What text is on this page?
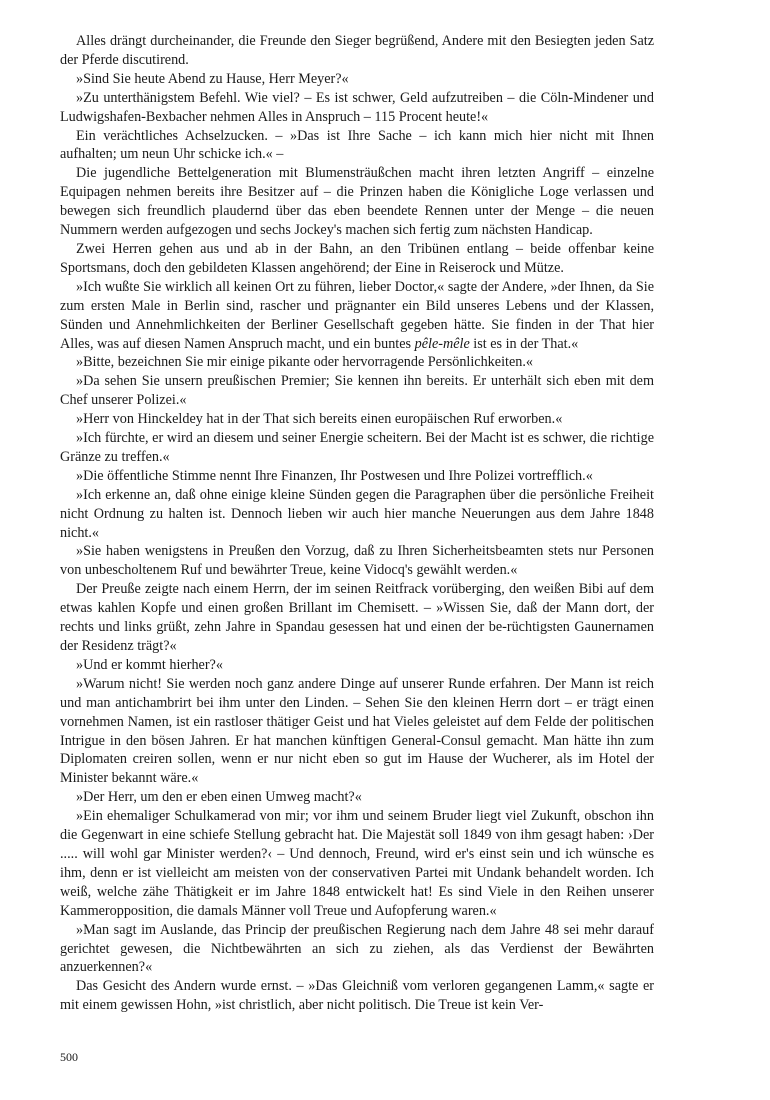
Alles drängt durcheinander, die Freunde den Sieger begrüßend, Andere mit den Besiegten jeden Satz der Pferde discutirend.

»Sind Sie heute Abend zu Hause, Herr Meyer?«

»Zu unterthänigstem Befehl. Wie viel? – Es ist schwer, Geld aufzutreiben – die Cöln-Mindener und Ludwigshafen-Bexbacher nehmen Alles in Anspruch – 115 Procent heute!«

Ein verächtliches Achselzucken. – »Das ist Ihre Sache – ich kann mich hier nicht mit Ihnen aufhalten; um neun Uhr schicke ich.« –

Die jugendliche Bettelgeneration mit Blumensträußchen macht ihren letzten Angriff – einzelne Equipagen nehmen bereits ihre Besitzer auf – die Prinzen haben die Königliche Loge verlassen und bewegen sich freundlich plaudernd über das eben beendete Rennen unter der Menge – die neuen Nummern werden aufgezogen und sechs Jockey's machen sich fertig zum nächsten Handicap.

Zwei Herren gehen aus und ab in der Bahn, an den Tribünen entlang – beide offenbar keine Sportsmans, doch den gebildeten Klassen angehörend; der Eine in Reiserock und Mütze.

»Ich wußte Sie wirklich all keinen Ort zu führen, lieber Doctor,« sagte der Andere, »der Ihnen, da Sie zum ersten Male in Berlin sind, rascher und prägnanter ein Bild unseres Lebens und der Klassen, Sünden und Annehmlichkeiten der Berliner Gesellschaft gegeben hätte. Sie finden in der That hier Alles, was auf diesen Namen Anspruch macht, und ein buntes pêle-mêle ist es in der That.«

»Bitte, bezeichnen Sie mir einige pikante oder hervorragende Persönlichkeiten.«

»Da sehen Sie unsern preußischen Premier; Sie kennen ihn bereits. Er unterhält sich eben mit dem Chef unserer Polizei.«

»Herr von Hinckeldey hat in der That sich bereits einen europäischen Ruf erworben.«

»Ich fürchte, er wird an diesem und seiner Energie scheitern. Bei der Macht ist es schwer, die richtige Gränze zu treffen.«

»Die öffentliche Stimme nennt Ihre Finanzen, Ihr Postwesen und Ihre Polizei vortrefflich.«

»Ich erkenne an, daß ohne einige kleine Sünden gegen die Paragraphen über die persönliche Freiheit nicht Ordnung zu halten ist. Dennoch lieben wir auch hier manche Neuerungen aus dem Jahre 1848 nicht.«

»Sie haben wenigstens in Preußen den Vorzug, daß zu Ihren Sicherheitsbeamten stets nur Personen von unbescholtenem Ruf und bewährter Treue, keine Vidocq's gewählt werden.«

Der Preuße zeigte nach einem Herrn, der im seinen Reitfrack vorüberging, den weißen Bibi auf dem etwas kahlen Kopfe und einen großen Brillant im Chemisett. – »Wissen Sie, daß der Mann dort, der rechts und links grüßt, zehn Jahre in Spandau gesessen hat und einen der be-rüchtigsten Gaunernamen der Residenz trägt?«

»Und er kommt hierher?«

»Warum nicht! Sie werden noch ganz andere Dinge auf unserer Runde erfahren. Der Mann ist reich und man antichambrirt bei ihm unter den Linden. – Sehen Sie den kleinen Herrn dort – er trägt einen vornehmen Namen, ist ein rastloser thätiger Geist und hat Vieles geleistet auf dem Felde der politischen Intrigue in den bösen Jahren. Er hat manchen künftigen General-Consul gemacht. Man hätte ihn zum Diplomaten creiren sollen, wenn er nur nicht eben so gut im Hause der Wucherer, als im Hotel der Minister bekannt wäre.«

»Der Herr, um den er eben einen Umweg macht?«

»Ein ehemaliger Schulkamerad von mir; vor ihm und seinem Bruder liegt viel Zukunft, obschon ihn die Gegenwart in eine schiefe Stellung gebracht hat. Die Majestät soll 1849 von ihm gesagt haben: ›Der ..... will wohl gar Minister werden?‹ – Und dennoch, Freund, wird er's einst sein und ich wünsche es ihm, denn er ist vielleicht am meisten von der conservativen Partei mit Undank behandelt worden. Ich weiß, welche zähe Thätigkeit er im Jahre 1848 entwickelt hat! Es sind Viele in den Reihen unserer Kammeropposition, die damals Männer voll Treue und Aufopferung waren.«

»Man sagt im Auslande, das Princip der preußischen Regierung nach dem Jahre 48 sei mehr darauf gerichtet gewesen, die Nichtbewährten an sich zu ziehen, als das Verdienst der Bewährten anzuerkennen?«

Das Gesicht des Andern wurde ernst. – »Das Gleichniß vom verloren gegangenen Lamm,« sagte er mit einem gewissen Hohn, »ist christlich, aber nicht politisch. Die Treue ist kein Ver-

500
